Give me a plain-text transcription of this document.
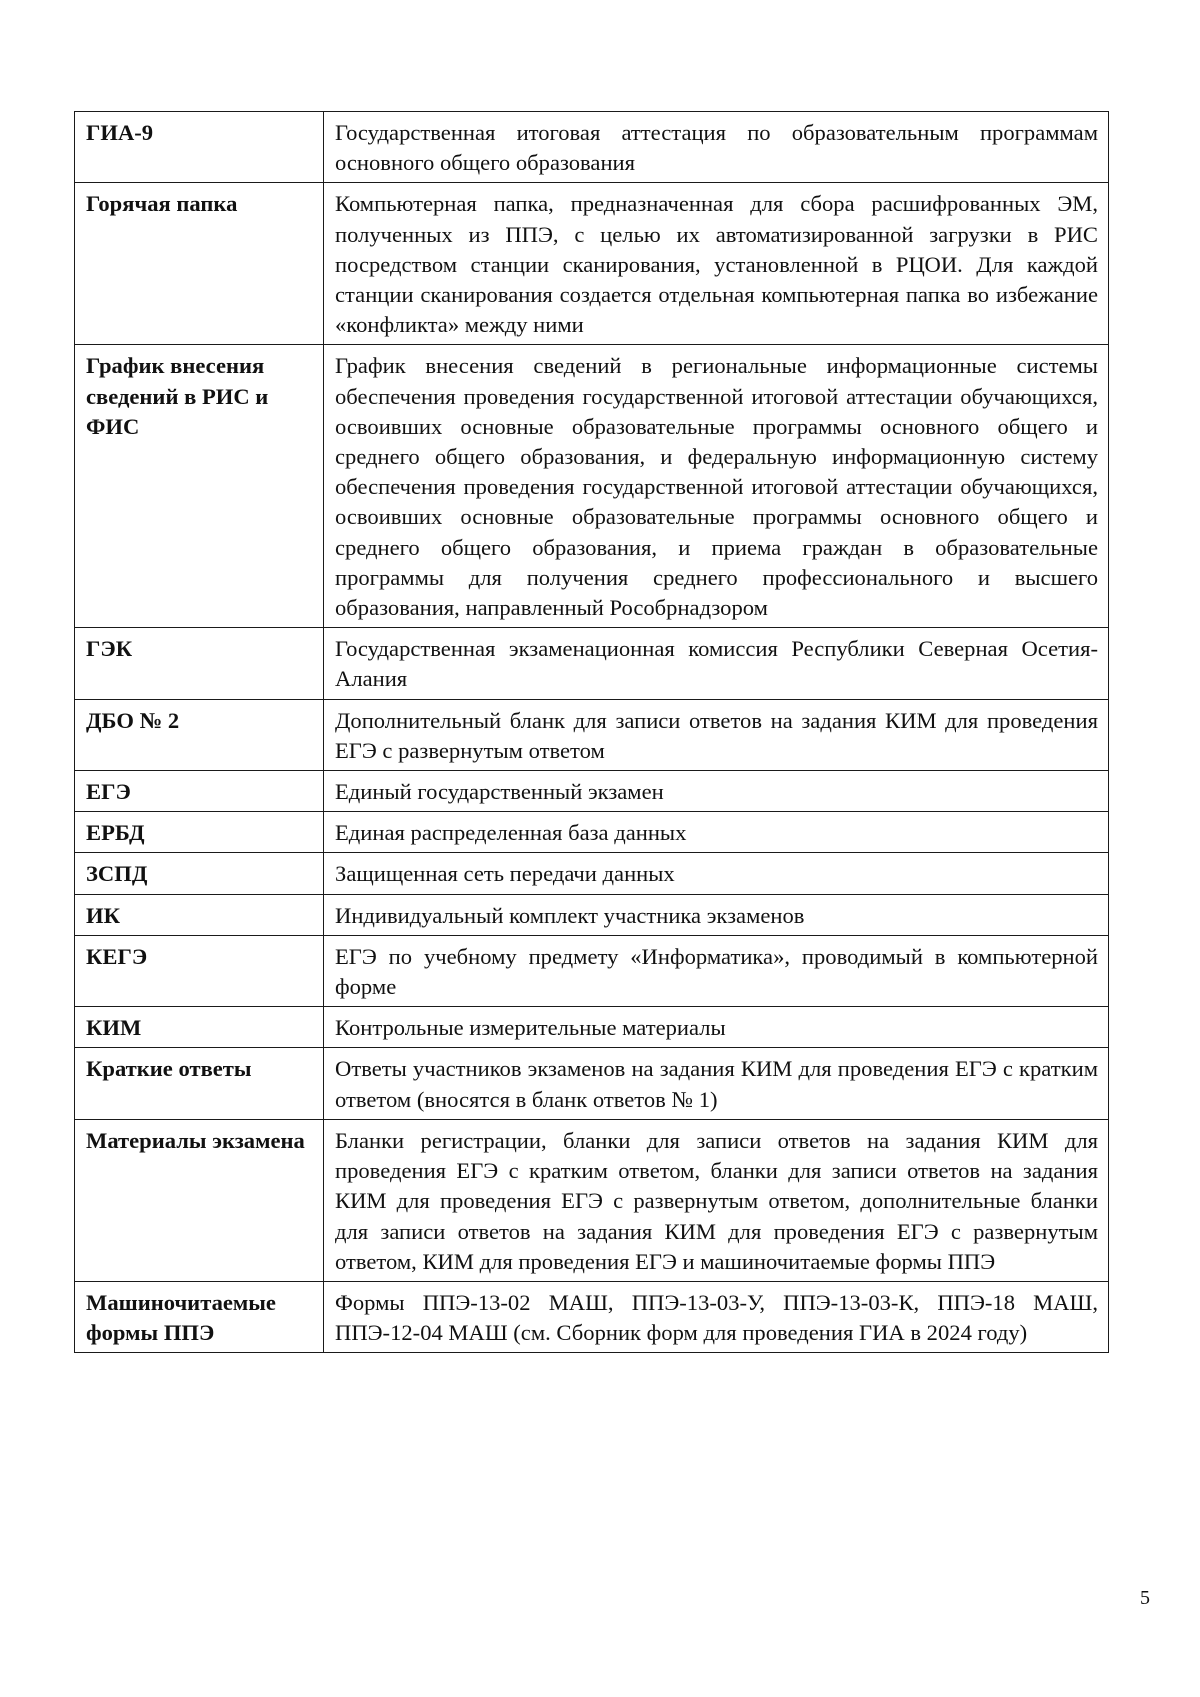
ГИА-9	Государственная итоговая аттестация по образовательным программам основного общего образования
Горячая папка	Компьютерная папка, предназначенная для сбора расшифрованных ЭМ, полученных из ППЭ, с целью их автоматизированной загрузки в РИС посредством станции сканирования, установленной в РЦОИ. Для каждой станции сканирования создается отдельная компьютерная папка во избежание «конфликта» между ними
График внесения сведений в РИС и ФИС	График внесения сведений в региональные информационные системы обеспечения проведения государственной итоговой аттестации обучающихся, освоивших основные образовательные программы основного общего и среднего общего образования, и федеральную информационную систему обеспечения проведения государственной итоговой аттестации обучающихся, освоивших основные образовательные программы основного общего и среднего общего образования, и приема граждан в образовательные программы для получения среднего профессионального и высшего образования, направленный Рособрнадзором
ГЭК	Государственная экзаменационная комиссия Республики Северная Осетия-Алания
ДБО № 2	Дополнительный бланк для записи ответов на задания КИМ для проведения ЕГЭ с развернутым ответом
ЕГЭ	Единый государственный экзамен
ЕРБД	Единая распределенная база данных
ЗСПД	Защищенная сеть передачи данных
ИК	Индивидуальный комплект участника экзаменов
КЕГЭ	ЕГЭ по учебному предмету «Информатика», проводимый в компьютерной форме
КИМ	Контрольные измерительные материалы
Краткие ответы	Ответы участников экзаменов на задания КИМ для проведения ЕГЭ с кратким ответом (вносятся в бланк ответов № 1)
Материалы экзамена	Бланки регистрации, бланки для записи ответов на задания КИМ для проведения ЕГЭ с кратким ответом, бланки для записи ответов на задания КИМ для проведения ЕГЭ с развернутым ответом, дополнительные бланки для записи ответов на задания КИМ для проведения ЕГЭ с развернутым ответом, КИМ для проведения ЕГЭ и машиночитаемые формы ППЭ
Машиночитаемые формы ППЭ	Формы ППЭ-13-02 МАШ, ППЭ-13-03-У, ППЭ-13-03-К, ППЭ-18 МАШ, ППЭ-12-04 МАШ (см. Сборник форм для проведения ГИА в 2024 году)
5
